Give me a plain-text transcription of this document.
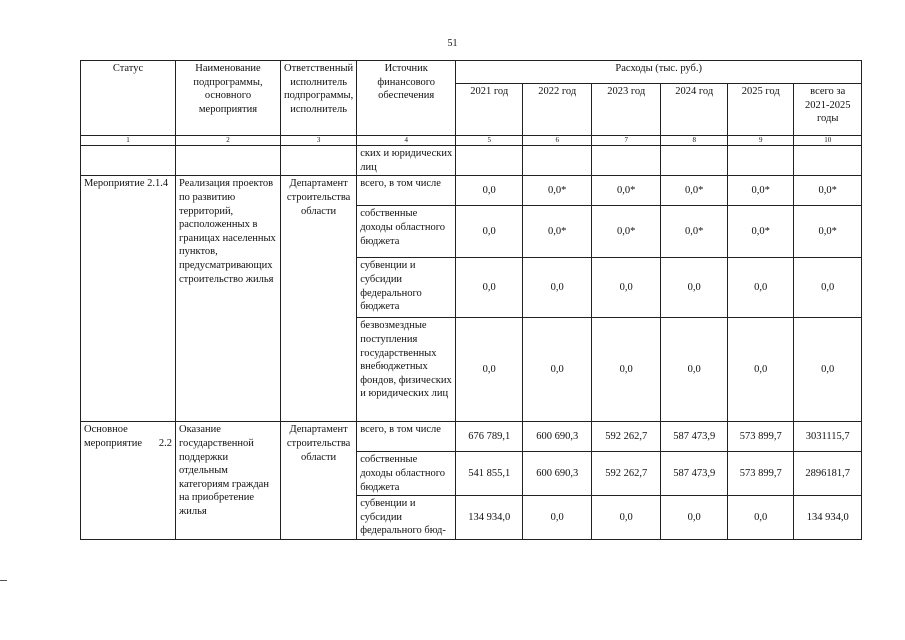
51
Статус	Наименование подпрограммы, основного мероприятия	Ответственный исполнитель подпрограммы, исполнитель	Источник финансового обеспечения	Расходы (тыс. руб.)					
				2021 год	2022 год	2023 год	2024 год	2025 год	всего за 2021-2025 годы
1	2	3	4	5	6	7	8	9	10
			ских и юридических лиц						
Мероприятие 2.1.4	Реализация проектов по развитию территорий, расположенных в границах населенных пунктов, предусматривающих строительство жилья	Департамент строительства области	всего, в том числе	0,0	0,0*	0,0*	0,0*	0,0*	0,0*
			собственные доходы областного бюджета	0,0	0,0*	0,0*	0,0*	0,0*	0,0*
			субвенции и субсидии федерального бюджета	0,0	0,0	0,0	0,0	0,0	0,0
			безвозмездные поступления государственных внебюджетных фондов, физических и юридических лиц	0,0	0,0	0,0	0,0	0,0	0,0
Основное мероприятие 2.2	Оказание государственной поддержки отдельным категориям граждан на приобретение жилья	Департамент строительства области	всего, в том числе	676 789,1	600 690,3	592 262,7	587 473,9	573 899,7	3031115,7
			собственные доходы областного бюджета	541 855,1	600 690,3	592 262,7	587 473,9	573 899,7	2896181,7
			субвенции и субсидии федерального бюд-	134 934,0	0,0	0,0	0,0	0,0	134 934,0
